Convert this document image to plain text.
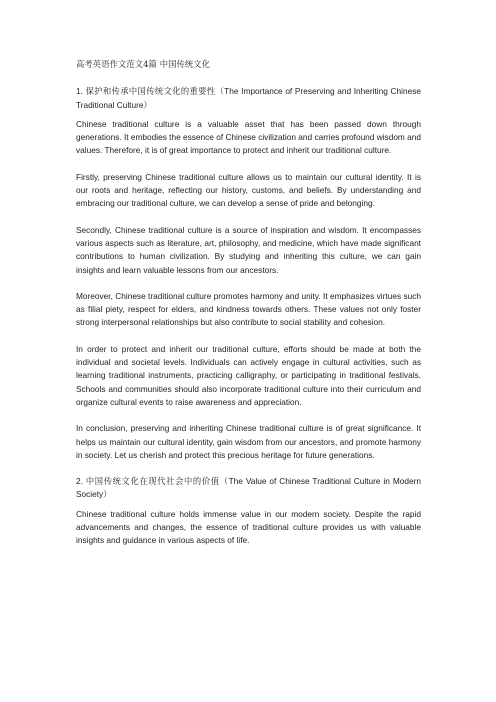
高考英语作文范文4篇 中国传统文化

1. 保护和传承中国传统文化的重要性（The Importance of Preserving and Inheriting Chinese Traditional Culture）

Chinese traditional culture is a valuable asset that has been passed down through generations. It embodies the essence of Chinese civilization and carries profound wisdom and values. Therefore, it is of great importance to protect and inherit our traditional culture.

Firstly, preserving Chinese traditional culture allows us to maintain our cultural identity. It is our roots and heritage, reflecting our history, customs, and beliefs. By understanding and embracing our traditional culture, we can develop a sense of pride and belonging.

Secondly, Chinese traditional culture is a source of inspiration and wisdom. It encompasses various aspects such as literature, art, philosophy, and medicine, which have made significant contributions to human civilization. By studying and inheriting this culture, we can gain insights and learn valuable lessons from our ancestors.

Moreover, Chinese traditional culture promotes harmony and unity. It emphasizes virtues such as filial piety, respect for elders, and kindness towards others. These values not only foster strong interpersonal relationships but also contribute to social stability and cohesion.

In order to protect and inherit our traditional culture, efforts should be made at both the individual and societal levels. Individuals can actively engage in cultural activities, such as learning traditional instruments, practicing calligraphy, or participating in traditional festivals. Schools and communities should also incorporate traditional culture into their curriculum and organize cultural events to raise awareness and appreciation.

In conclusion, preserving and inheriting Chinese traditional culture is of great significance. It helps us maintain our cultural identity, gain wisdom from our ancestors, and promote harmony in society. Let us cherish and protect this precious heritage for future generations.

2. 中国传统文化在现代社会中的价值（The Value of Chinese Traditional Culture in Modern Society）

Chinese traditional culture holds immense value in our modern society. Despite the rapid advancements and changes, the essence of traditional culture provides us with valuable insights and guidance in various aspects of life.
